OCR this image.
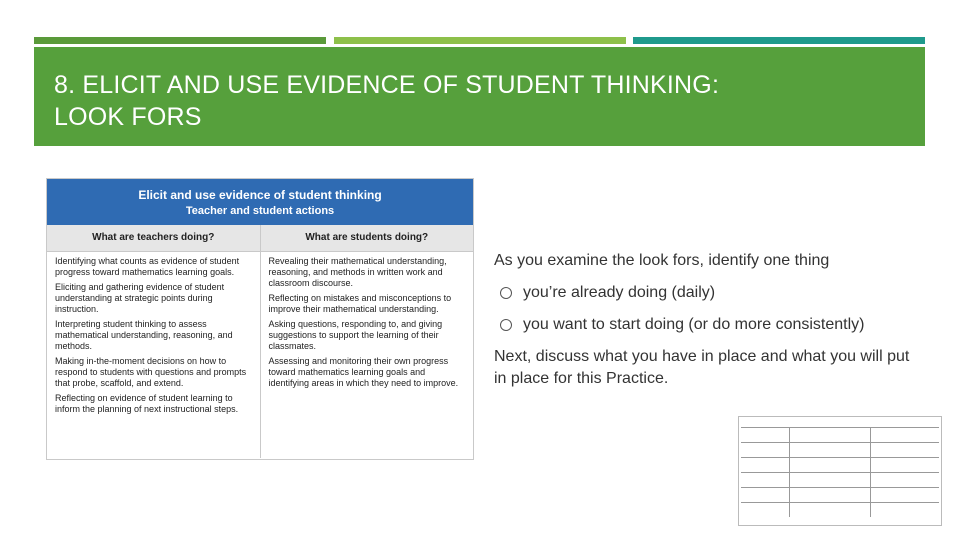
8. ELICIT AND USE EVIDENCE OF STUDENT THINKING:
LOOK FORS
Elicit and use evidence of student thinking
Teacher and student actions
What are teachers doing?	What are students doing?

Identifying what counts as evidence of student progress toward mathematics learning goals.

Eliciting and gathering evidence of student understanding at strategic points during instruction.

Interpreting student thinking to assess mathematical understanding, reasoning, and methods.

Making in-the-moment decisions on how to respond to students with questions and prompts that probe, scaffold, and extend.

Reflecting on evidence of student learning to inform the planning of next instructional steps.

Revealing their mathematical understanding, reasoning, and methods in written work and classroom discourse.

Reflecting on mistakes and misconceptions to improve their mathematical understanding.

Asking questions, responding to, and giving suggestions to support the learning of their classmates.

Assessing and monitoring their own progress toward mathematics learning goals and identifying areas in which they need to improve.

As you examine the look fors, identify one thing

you’re already doing (daily)
you want to start doing (or do more consistently)

Next, discuss what you have in place and what you will put in place for this Practice.
